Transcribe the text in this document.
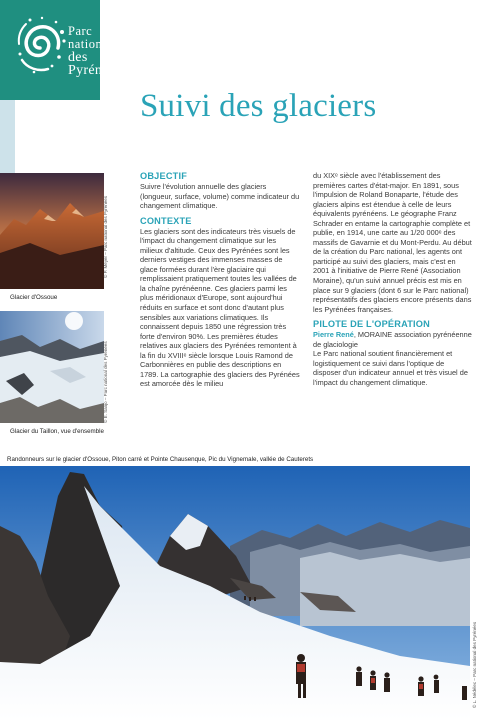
Parc national
des Pyrénées
Suivi des glaciers
© P. Meyer – Parc national des Pyrénées
Glacier d'Ossoue
© E. Sanjo – Parc national des Pyrénées
Glacier du Taillon, vue d'ensemble
OBJECTIF

Suivre l'évolution annuelle des glaciers (longueur, surface, volume) comme indicateur du changement climatique.

CONTEXTE

Les glaciers sont des indicateurs très visuels de l'impact du changement climatique sur les milieux d'altitude. Ceux des Pyrénées sont les derniers vestiges des immenses masses de glace formées durant l'ère glaciaire qui remplissaient pratiquement toutes les vallées de la chaîne pyrénéenne. Ces glaciers parmi les plus méridionaux d'Europe, sont aujourd'hui réduits en surface et sont donc d'autant plus sensibles aux variations climatiques. Ils connaissent depuis 1850 une régression très forte d'environ 90%. Les premières études relatives aux glaciers des Pyrénées remontent à la fin du XVIIIᵉ siècle lorsque Louis Ramond de Carbonnières en publie des descriptions en 1789. La cartographie des glaciers des Pyrénées est amorcée dès le milieu

du XIXᵉ siècle avec l'établissement des premières cartes d'état-major. En 1891, sous l'impulsion de Roland Bonaparte, l'étude des glaciers alpins est étendue à celle de leurs équivalents pyrénéens. Le géographe Franz Schrader en entame la cartographie complète et publie, en 1914, une carte au 1/20 000ᵉ des massifs de Gavarnie et du Mont-Perdu. Au début de la création du Parc national, les agents ont participé au suivi des glaciers, mais c'est en 2001 à l'initiative de Pierre René (Association Moraine), qu'un suivi annuel précis est mis en place sur 9 glaciers (dont 6 sur le Parc national) représentatifs des glaciers encore présents dans les Pyrénées françaises.

PILOTE DE L'OPÉRATION

Pierre René, MORAINE association pyrénéenne de glaciologie

Le Parc national soutient financièrement et logistiquement ce suivi dans l'optique de disposer d'un indicateur annuel et très visuel de l'impact du changement climatique.

Randonneurs sur le glacier d'Ossoue, Piton carré et Pointe Chausenque, Pic du Vignemale, vallée de Cauterets
© L. Nédélec – Parc national des Pyrénées
